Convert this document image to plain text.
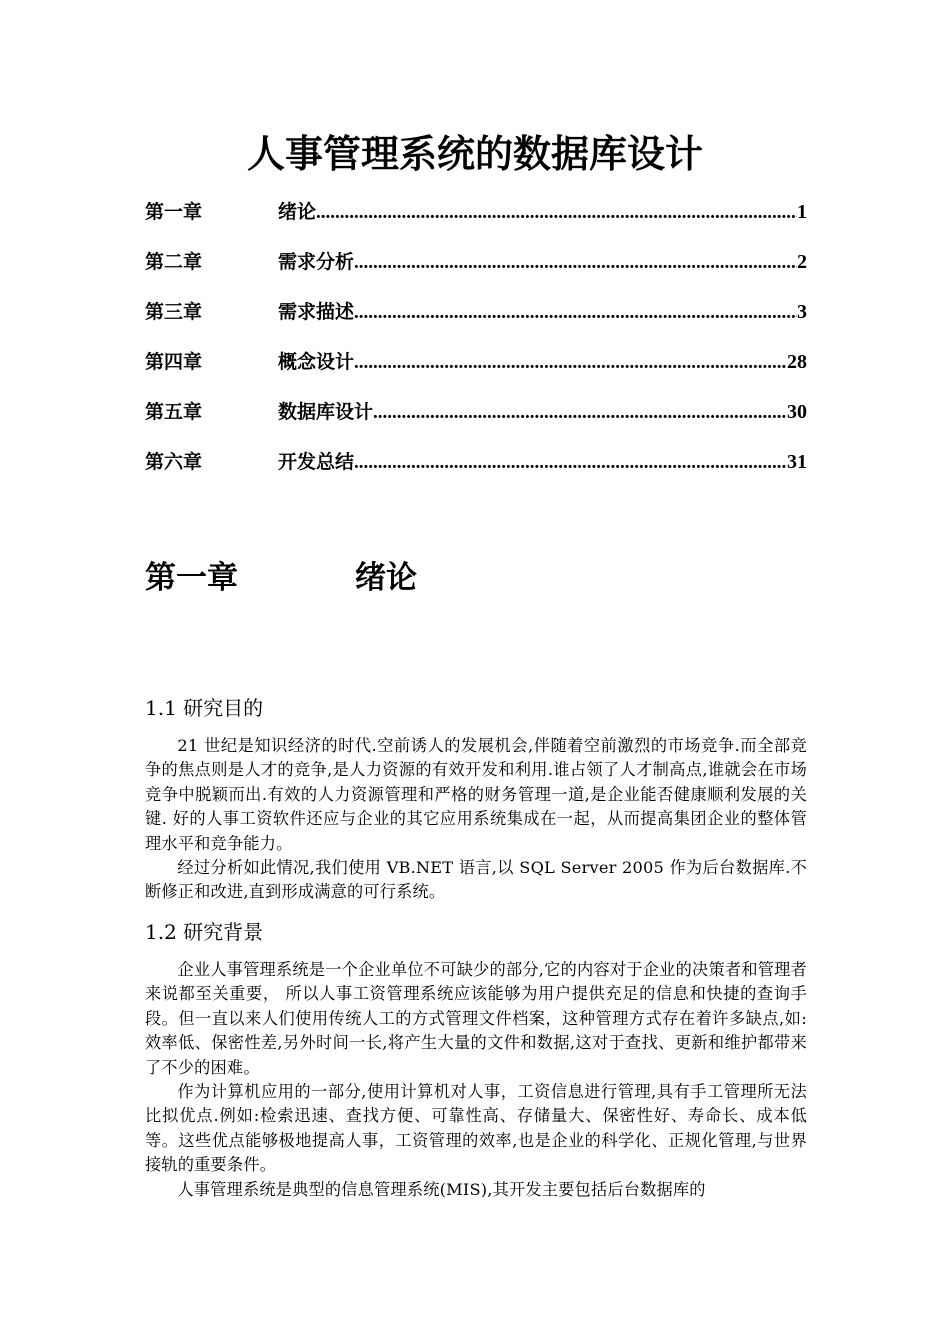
人事管理系统的数据库设计
第一章	绪论 .....	1
第二章	需求分析 .....	2
第三章	需求描述 .....	3
第四章	概念设计 .....	28
第五章	数据库设计 .....	30
第六章	开发总结 .....	31
第一章	绪论
1.1 研究目的

21 世纪是知识经济的时代.空前诱人的发展机会,伴随着空前激烈的市场竞争.而全部竞争的焦点则是人才的竞争,是人力资源的有效开发和利用.谁占领了人才制高点,谁就会在市场竞争中脱颖而出.有效的人力资源管理和严格的财务管理一道,是企业能否健康顺利发展的关键. 好的人事工资软件还应与企业的其它应用系统集成在一起，从而提高集团企业的整体管理水平和竞争能力。

经过分析如此情况,我们使用 VB.NET 语言,以 SQL Server 2005 作为后台数据库.不断修正和改进,直到形成满意的可行系统。

1.2 研究背景

企业人事管理系统是一个企业单位不可缺少的部分,它的内容对于企业的决策者和管理者来说都至关重要， 所以人事工资管理系统应该能够为用户提供充足的信息和快捷的查询手段。但一直以来人们使用传统人工的方式管理文件档案，这种管理方式存在着许多缺点,如:效率低、保密性差,另外时间一长,将产生大量的文件和数据,这对于查找、更新和维护都带来了不少的困难。

作为计算机应用的一部分,使用计算机对人事，工资信息进行管理,具有手工管理所无法比拟优点.例如:检索迅速、查找方便、可靠性高、存储量大、保密性好、寿命长、成本低等。这些优点能够极地提高人事，工资管理的效率,也是企业的科学化、正规化管理,与世界接轨的重要条件。

人事管理系统是典型的信息管理系统(MIS),其开发主要包括后台数据库的
